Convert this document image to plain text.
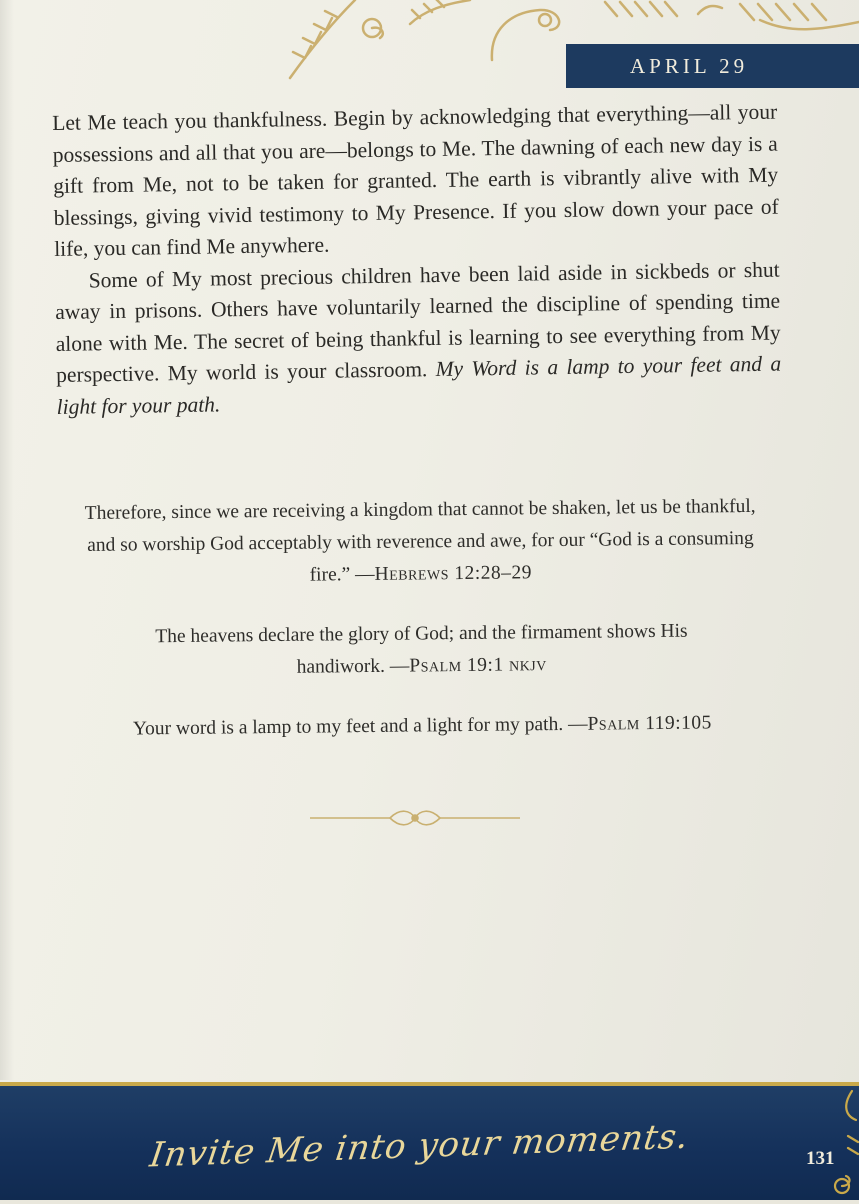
APRIL 29

Let Me teach you thankfulness. Begin by acknowledging that everything—all your possessions and all that you are—belongs to Me. The dawning of each new day is a gift from Me, not to be taken for granted. The earth is vibrantly alive with My blessings, giving vivid testimony to My Presence. If you slow down your pace of life, you can find Me anywhere.

Some of My most precious children have been laid aside in sickbeds or shut away in prisons. Others have voluntarily learned the discipline of spending time alone with Me. The secret of being thankful is learning to see everything from My perspective. My world is your classroom. My Word is a lamp to your feet and a light for your path.

Therefore, since we are receiving a kingdom that cannot be shaken, let us be thankful, and so worship God acceptably with reverence and awe, for our “God is a consuming fire.” —Hebrews 12:28–29

The heavens declare the glory of God; and the firmament shows His handiwork. —Psalm 19:1 nkjv

Your word is a lamp to my feet and a light for my path. —Psalm 119:105

Invite Me into your moments.	131
